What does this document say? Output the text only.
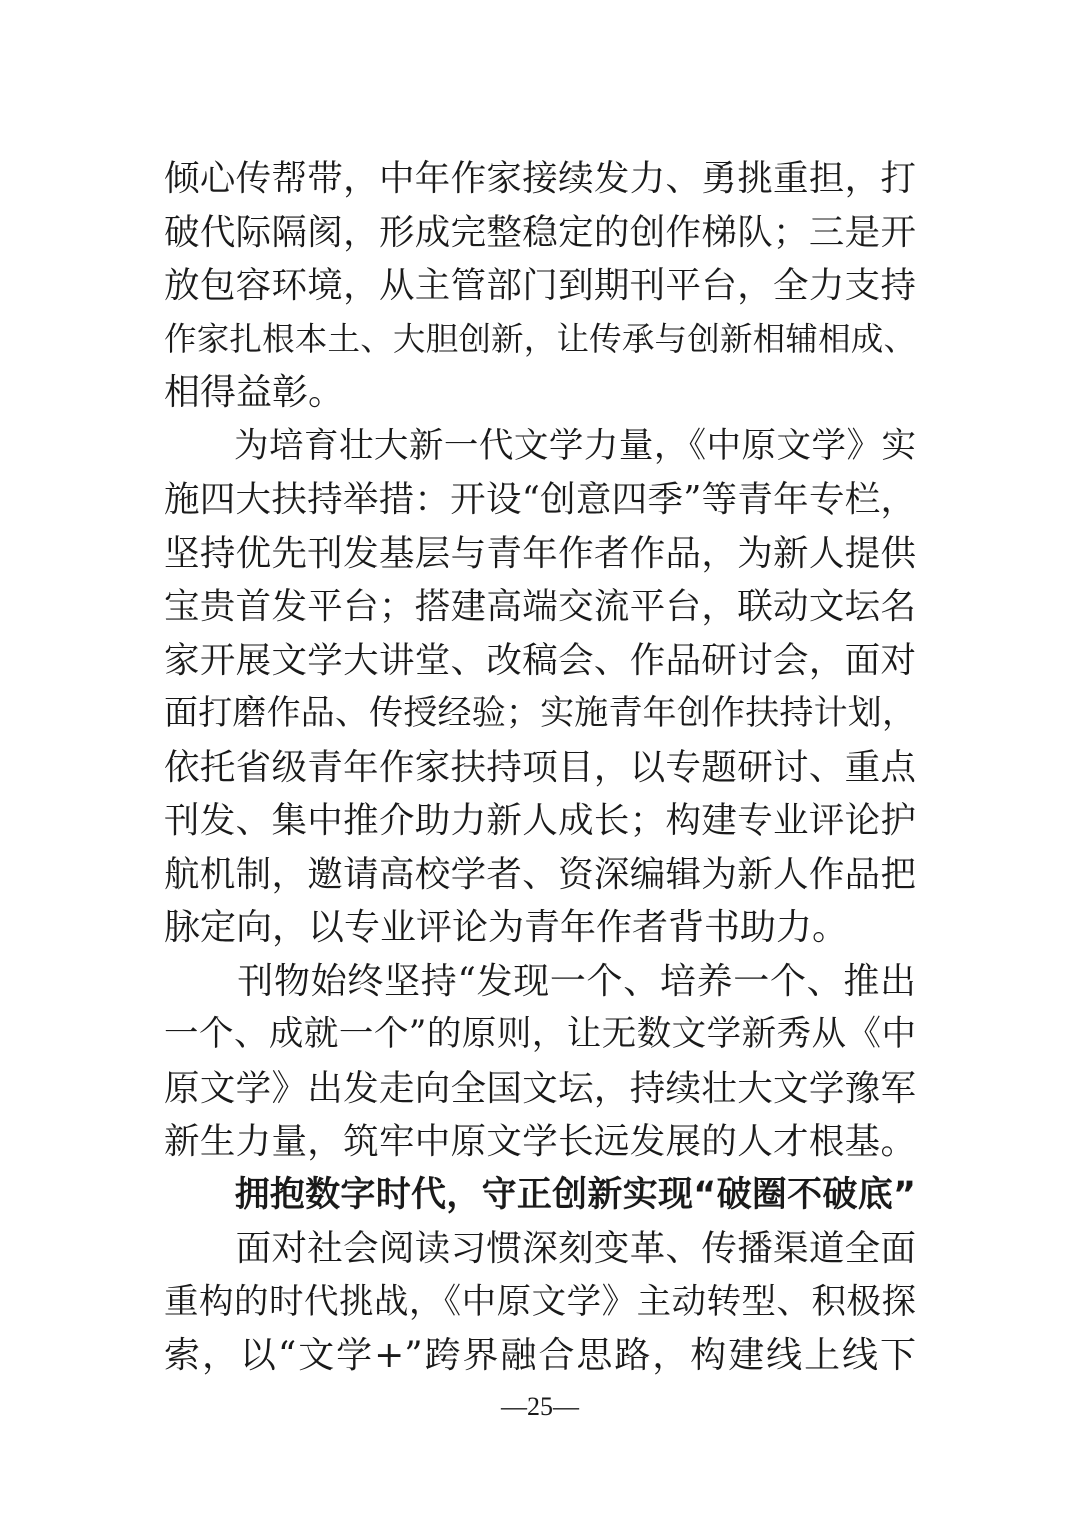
倾心传帮带，中年作家接续发力、勇挑重担，打
破代际隔阂，形成完整稳定的创作梯队；三是开
放包容环境，从主管部门到期刊平台，全力支持
作家扎根本土、大胆创新，让传承与创新相辅相成、
相得益彰。
　　为培育壮大新一代文学力量，《中原文学》实
施四大扶持举措：开设“创意四季”等青年专栏，
坚持优先刊发基层与青年作者作品，为新人提供
宝贵首发平台；搭建高端交流平台，联动文坛名
家开展文学大讲堂、改稿会、作品研讨会，面对
面打磨作品、传授经验；实施青年创作扶持计划，
依托省级青年作家扶持项目，以专题研讨、重点
刊发、集中推介助力新人成长；构建专业评论护
航机制，邀请高校学者、资深编辑为新人作品把
脉定向，以专业评论为青年作者背书助力。
　　刊物始终坚持“发现一个、培养一个、推出
一个、成就一个”的原则，让无数文学新秀从《中
原文学》出发走向全国文坛，持续壮大文学豫军
新生力量，筑牢中原文学长远发展的人才根基。
　　拥抱数字时代，守正创新实现“破圈不破底”
　　面对社会阅读习惯深刻变革、传播渠道全面
重构的时代挑战，《中原文学》主动转型、积极探
索，以“文学+”跨界融合思路，构建线上线下
—25—
